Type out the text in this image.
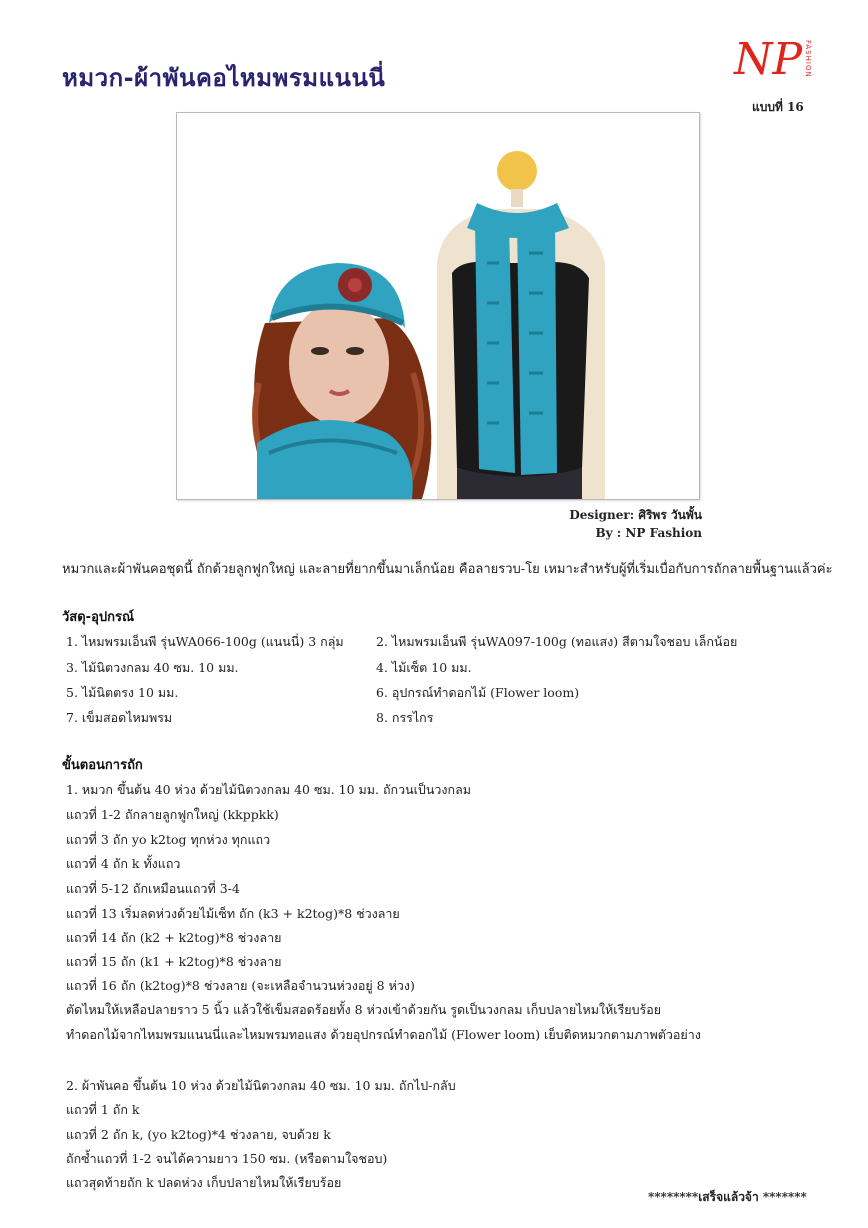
หมวก-ผ้าพันคอไหมพรมแนนนี่	NP FASHION
แบบที่ 16
Designer: ศิริพร วันพั้น
By : NP Fashion
หมวกและผ้าพันคอชุดนี้ ถักด้วยลูกฟูกใหญ่ และลายที่ยากขึ้นมาเล็กน้อย คือลายรวบ-โย เหมาะสำหรับผู้ที่เริ่มเบื่อกับการถักลายพื้นฐานแล้วค่ะ
วัสดุ-อุปกรณ์
1. ไหมพรมเอ็นพี รุ่นWA066-100g (แนนนี่) 3 กลุ่ม	2. ไหมพรมเอ็นพี รุ่นWA097-100g (ทอแสง) สีตามใจชอบ เล็กน้อย
3. ไม้นิตวงกลม 40 ซม. 10 มม.	4. ไม้เซ็ต 10 มม.
5. ไม้นิตตรง 10 มม.	6. อุปกรณ์ทำดอกไม้ (Flower loom)
7. เข็มสอดไหมพรม	8. กรรไกร
ขั้นตอนการถัก
1. หมวก ขึ้นต้น 40 ห่วง ด้วยไม้นิตวงกลม 40 ซม. 10 มม. ถักวนเป็นวงกลม
แถวที่ 1-2 ถักลายลูกฟูกใหญ่ (kkppkk)
แถวที่ 3 ถัก yo k2tog ทุกห่วง ทุกแถว
แถวที่ 4 ถัก k ทั้งแถว
แถวที่ 5-12 ถักเหมือนแถวที่ 3-4
แถวที่ 13 เริ่มลดห่วงด้วยไม้เซ็ท ถัก (k3 + k2tog)*8 ช่วงลาย
แถวที่ 14 ถัก (k2 + k2tog)*8 ช่วงลาย
แถวที่ 15 ถัก (k1 + k2tog)*8 ช่วงลาย
แถวที่ 16 ถัก (k2tog)*8 ช่วงลาย (จะเหลือจำนวนห่วงอยู่ 8 ห่วง)
ตัดไหมให้เหลือปลายราว 5 นิ้ว แล้วใช้เข็มสอดร้อยทั้ง 8 ห่วงเข้าด้วยกัน รูดเป็นวงกลม เก็บปลายไหมให้เรียบร้อย
ทำดอกไม้จากไหมพรมแนนนี่และไหมพรมทอแสง ด้วยอุปกรณ์ทำดอกไม้ (Flower loom) เย็บติดหมวกตามภาพตัวอย่าง
2. ผ้าพันคอ ขึ้นต้น 10 ห่วง ด้วยไม้นิตวงกลม 40 ซม. 10 มม. ถักไป-กลับ
แถวที่ 1 ถัก k
แถวที่ 2 ถัก k, (yo k2tog)*4 ช่วงลาย, จบด้วย k
ถักซ้ำแถวที่ 1-2 จนได้ความยาว 150 ซม. (หรือตามใจชอบ)
แถวสุดท้ายถัก k ปลดห่วง เก็บปลายไหมให้เรียบร้อย
********เสร็จแล้วจ้า *******
